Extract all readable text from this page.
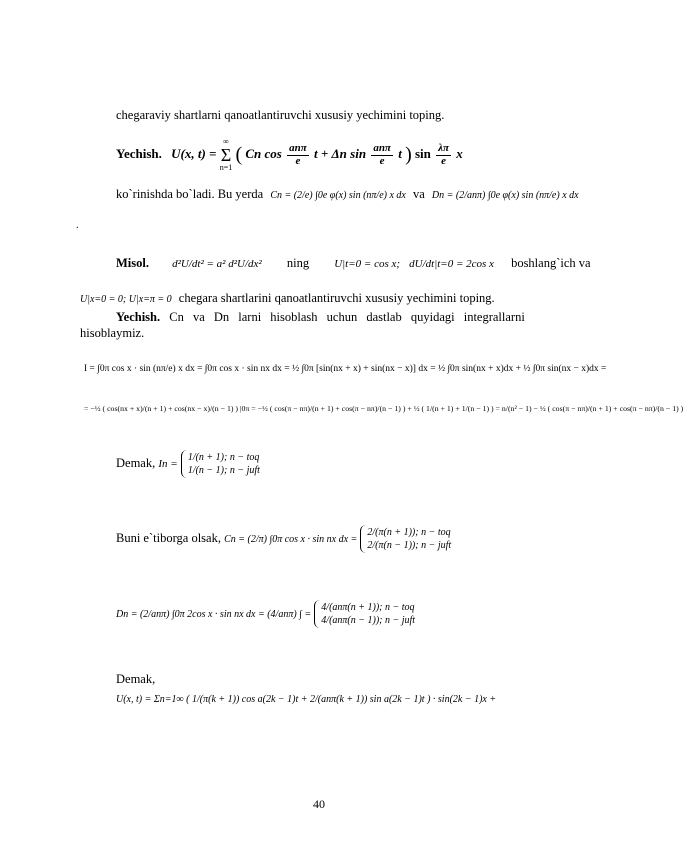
chegaraviy shartlarni qanoatlantiruvchi xususiy yechimini toping.
Yechish. U(x, t) =
∞
Σ
n=1
( Cn $\cos \frac{\text{anπ}}{e}$ t + Δn $\sin \frac{\text{anπ}}{e}$ t ) $\sin \frac{\lambda\pi}{e}$ x
ko`rinishda bo`ladi. Bu yerda Cn = (2/e) ∫0e φ(x) sin (nπ/e) x dx va Dn = (2/anπ) ∫0e φ(x) sin (nπ/e) x dx
.
Misol. d²U/dt² = a² d²U/dx² ning U|t=0 = cos x; dU/dt|t=0 = 2cos x boshlang`ich va
U|x=0 = 0; U|x=π = 0 chegara shartlarini qanoatlantiruvchi xususiy yechimini toping.
Yechish. Cn va Dn larni hisoblash uchun dastlab quyidagi integrallarni
hisoblaymiz.
I = ∫0π cos x · sin (nπ/e) x dx = ∫0π cos x · sin nx dx = ½ ∫0π [sin(nx + x) + sin(nx − x)] dx = ½ ∫0π sin(nx + x)dx + ½ ∫0π sin(nx − x)dx =
= −½ ( cos(nx + x)/(n + 1) + cos(nx − x)/(n − 1) ) |0π = −½ ( cos(π − nπ)/(n + 1) + cos(π − nπ)/(n − 1) ) + ½ ( 1/(n + 1) + 1/(n − 1) ) = n/(n² − 1) − ½ ( cos(π − nπ)/(n + 1) + cos(π − nπ)/(n − 1) )
Demak, In =
1/(n + 1); n − toq
1/(n − 1); n − juft
Buni e`tiborga olsak, Cn = (2/π) ∫0π cos x · sin nx dx =
2/(π(n + 1)); n − toq
2/(π(n − 1)); n − juft
Dn = (2/anπ) ∫0π 2cos x · sin nx dx = (4/anπ) ∫ =
4/(anπ(n + 1)); n − toq
4/(anπ(n − 1)); n − juft
Demak,
U(x, t) = Σn=1∞ ( 1/(π(k + 1)) cos a(2k − 1)t + 2/(anπ(k + 1)) sin a(2k − 1)t ) · sin(2k − 1)x +
40
